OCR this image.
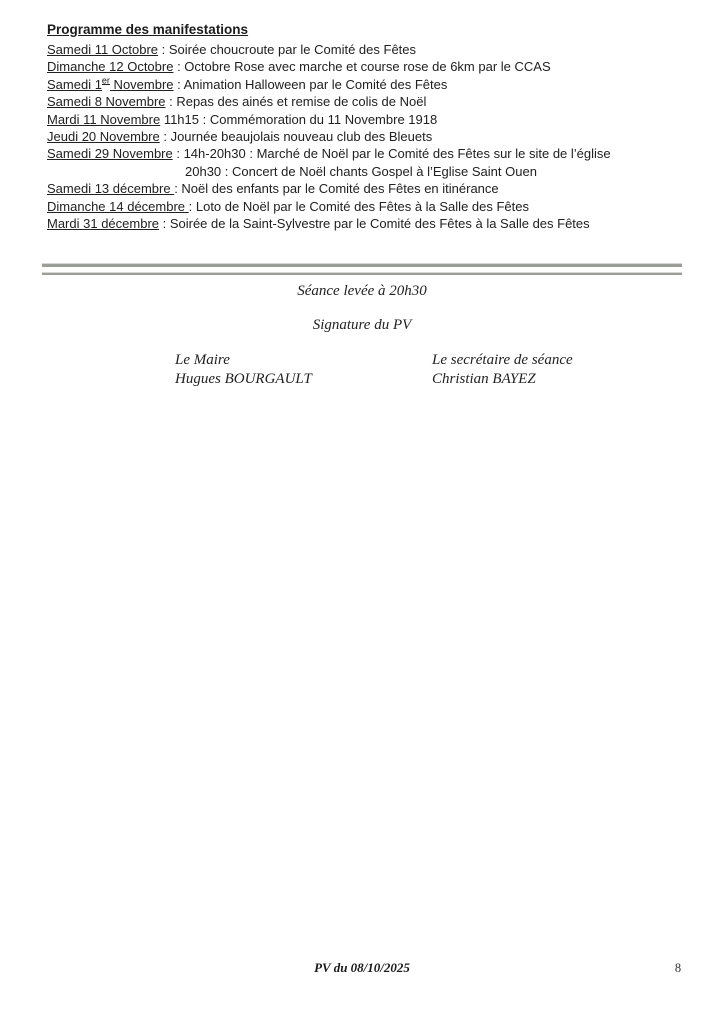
Programme des manifestations
Samedi 11 Octobre : Soirée choucroute par le Comité des Fêtes
Dimanche 12 Octobre : Octobre Rose avec marche et course rose de 6km par le CCAS
Samedi 1er Novembre : Animation Halloween par le Comité des Fêtes
Samedi 8 Novembre : Repas des ainés et remise de colis de Noël
Mardi 11 Novembre 11h15 : Commémoration du 11 Novembre 1918
Jeudi 20 Novembre : Journée beaujolais nouveau club des Bleuets
Samedi 29 Novembre : 14h-20h30 : Marché de Noël par le Comité des Fêtes sur le site de l’église
20h30 : Concert de Noël chants Gospel à l’Eglise Saint Ouen
Samedi 13 décembre : Noël des enfants par le Comité des Fêtes en itinérance
Dimanche 14 décembre : Loto de Noël par le Comité des Fêtes à la Salle des Fêtes
Mardi 31 décembre : Soirée de la Saint-Sylvestre par le Comité des Fêtes à la Salle des Fêtes
Séance levée à 20h30
Signature du PV
Le Maire
Hugues BOURGAULT
Le secrétaire de séance
Christian BAYEZ
PV du 08/10/2025	8
